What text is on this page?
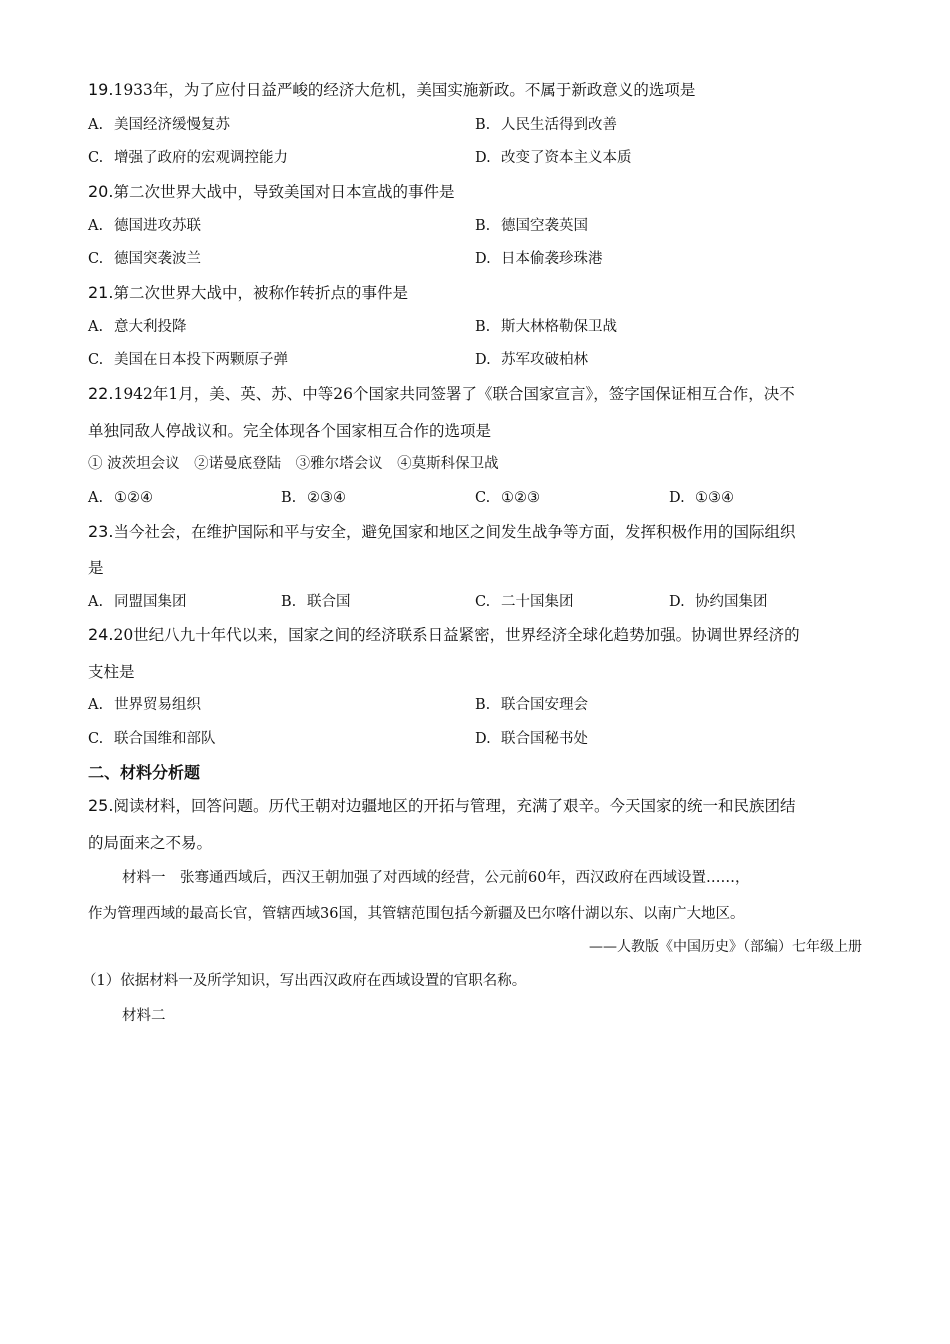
19.1933年，为了应付日益严峻的经济大危机，美国实施新政。不属于新政意义的选项是
A. 美国经济缓慢复苏	B. 人民生活得到改善
C. 增强了政府的宏观调控能力	D. 改变了资本主义本质
20.第二次世界大战中，导致美国对日本宣战的事件是
A. 德国进攻苏联	B. 德国空袭英国
C. 德国突袭波兰	D. 日本偷袭珍珠港
21.第二次世界大战中，被称作转折点的事件是
A. 意大利投降	B. 斯大林格勒保卫战
C. 美国在日本投下两颗原子弹	D. 苏军攻破柏林
22.1942年1月，美、英、苏、中等26个国家共同签署了《联合国家宣言》，签字国保证相互合作，决不
单独同敌人停战议和。完全体现各个国家相互合作的选项是
① 波茨坦会议　②诺曼底登陆　③雅尔塔会议　④莫斯科保卫战
A. ①②④	B. ②③④	C. ①②③	D. ①③④
23.当今社会，在维护国际和平与安全，避免国家和地区之间发生战争等方面，发挥积极作用的国际组织
是
A. 同盟国集团	B. 联合国	C. 二十国集团	D. 协约国集团
24.20世纪八九十年代以来，国家之间的经济联系日益紧密，世界经济全球化趋势加强。协调世界经济的
支柱是
A. 世界贸易组织	B. 联合国安理会
C. 联合国维和部队	D. 联合国秘书处
二、材料分析题
25.阅读材料，回答问题。历代王朝对边疆地区的开拓与管理，充满了艰辛。今天国家的统一和民族团结
的局面来之不易。
材料一　张骞通西域后，西汉王朝加强了对西域的经营，公元前60年，西汉政府在西域设置……，
作为管理西域的最高长官，管辖西域36国，其管辖范围包括今新疆及巴尔喀什湖以东、以南广大地区。
——人教版《中国历史》（部编）七年级上册
（1）依据材料一及所学知识，写出西汉政府在西域设置的官职名称。
材料二
